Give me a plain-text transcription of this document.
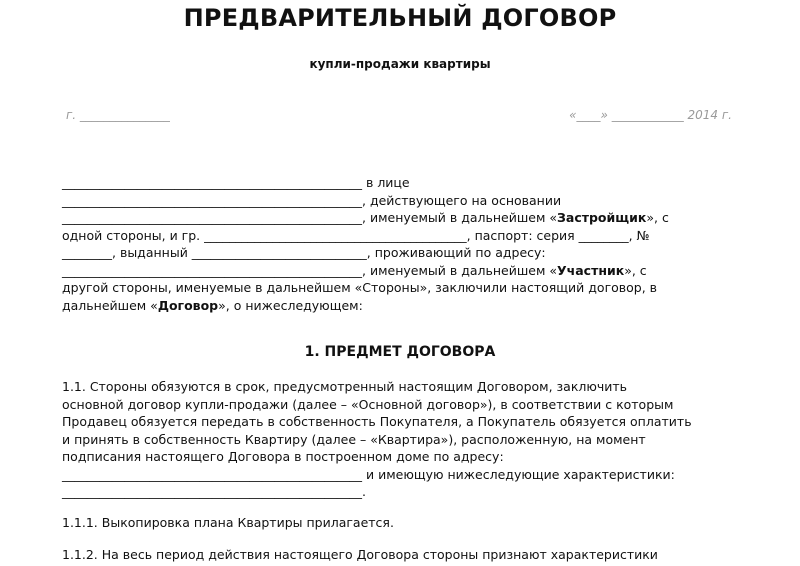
ПРЕДВАРИТЕЛЬНЫЙ ДОГОВОР
купли-продажи квартиры
г. _______________	«____» ____________ 2014 г.
________________________________________________ в лице
________________________________________________, действующего на основании
________________________________________________, именуемый в дальнейшем «Застройщик», с
одной стороны, и гр. __________________________________________, паспорт: серия ________, №
________, выданный ____________________________, проживающий по адресу:
________________________________________________, именуемый в дальнейшем «Участник», с
другой стороны, именуемые в дальнейшем «Стороны», заключили настоящий договор, в
дальнейшем «Договор», о нижеследующем:
1. ПРЕДМЕТ ДОГОВОРА
1.1. Стороны обязуются в срок, предусмотренный настоящим Договором, заключить
основной договор купли-продажи (далее – «Основной договор»), в соответствии с которым
Продавец обязуется передать в собственность Покупателя, а Покупатель обязуется оплатить
и принять в собственность Квартиру (далее – «Квартира»), расположенную, на момент
подписания настоящего Договора в построенном доме по адресу:
________________________________________________ и имеющую нижеследующие характеристики:
________________________________________________.
1.1.1. Выкопировка плана Квартиры прилагается.
1.1.2. На весь период действия настоящего Договора стороны признают характеристики
